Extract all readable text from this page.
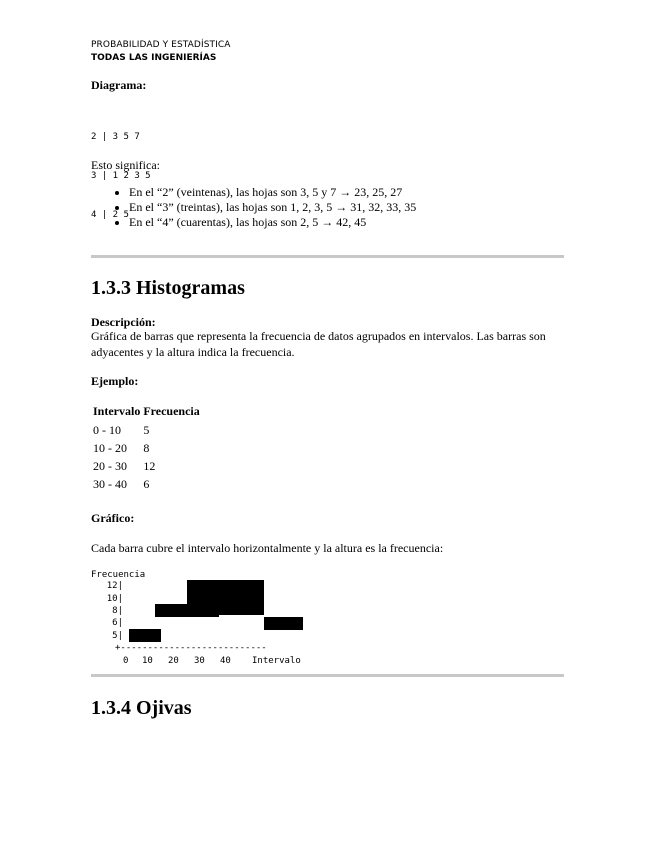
PROBABILIDAD Y ESTADÍSTICA
TODAS LAS INGENIERÍAS
Diagrama:

2 | 3 5 7

3 | 1 2 3 5

4 | 2 5

Esto significa:
• En el “2” (veintenas), las hojas son 3, 5 y 7 → 23, 25, 27
• En el “3” (treintas), las hojas son 1, 2, 3, 5 → 31, 32, 33, 35
• En el “4” (cuarentas), las hojas son 2, 5 → 42, 45
1.3.3 Histogramas
Descripción:
Gráfica de barras que representa la frecuencia de datos agrupados en intervalos. Las barras son adyacentes y la altura indica la frecuencia.
Ejemplo:
Intervalo	Frecuencia
0 - 10	5
10 - 20	8
20 - 30	12
30 - 40	6
Gráfico:
Cada barra cubre el intervalo horizontalmente y la altura es la frecuencia:
Frecuencia
12|
10|
8|
6|
5|
+---------------------------
0 10 20 30 40 Intervalo
1.3.4 Ojivas
